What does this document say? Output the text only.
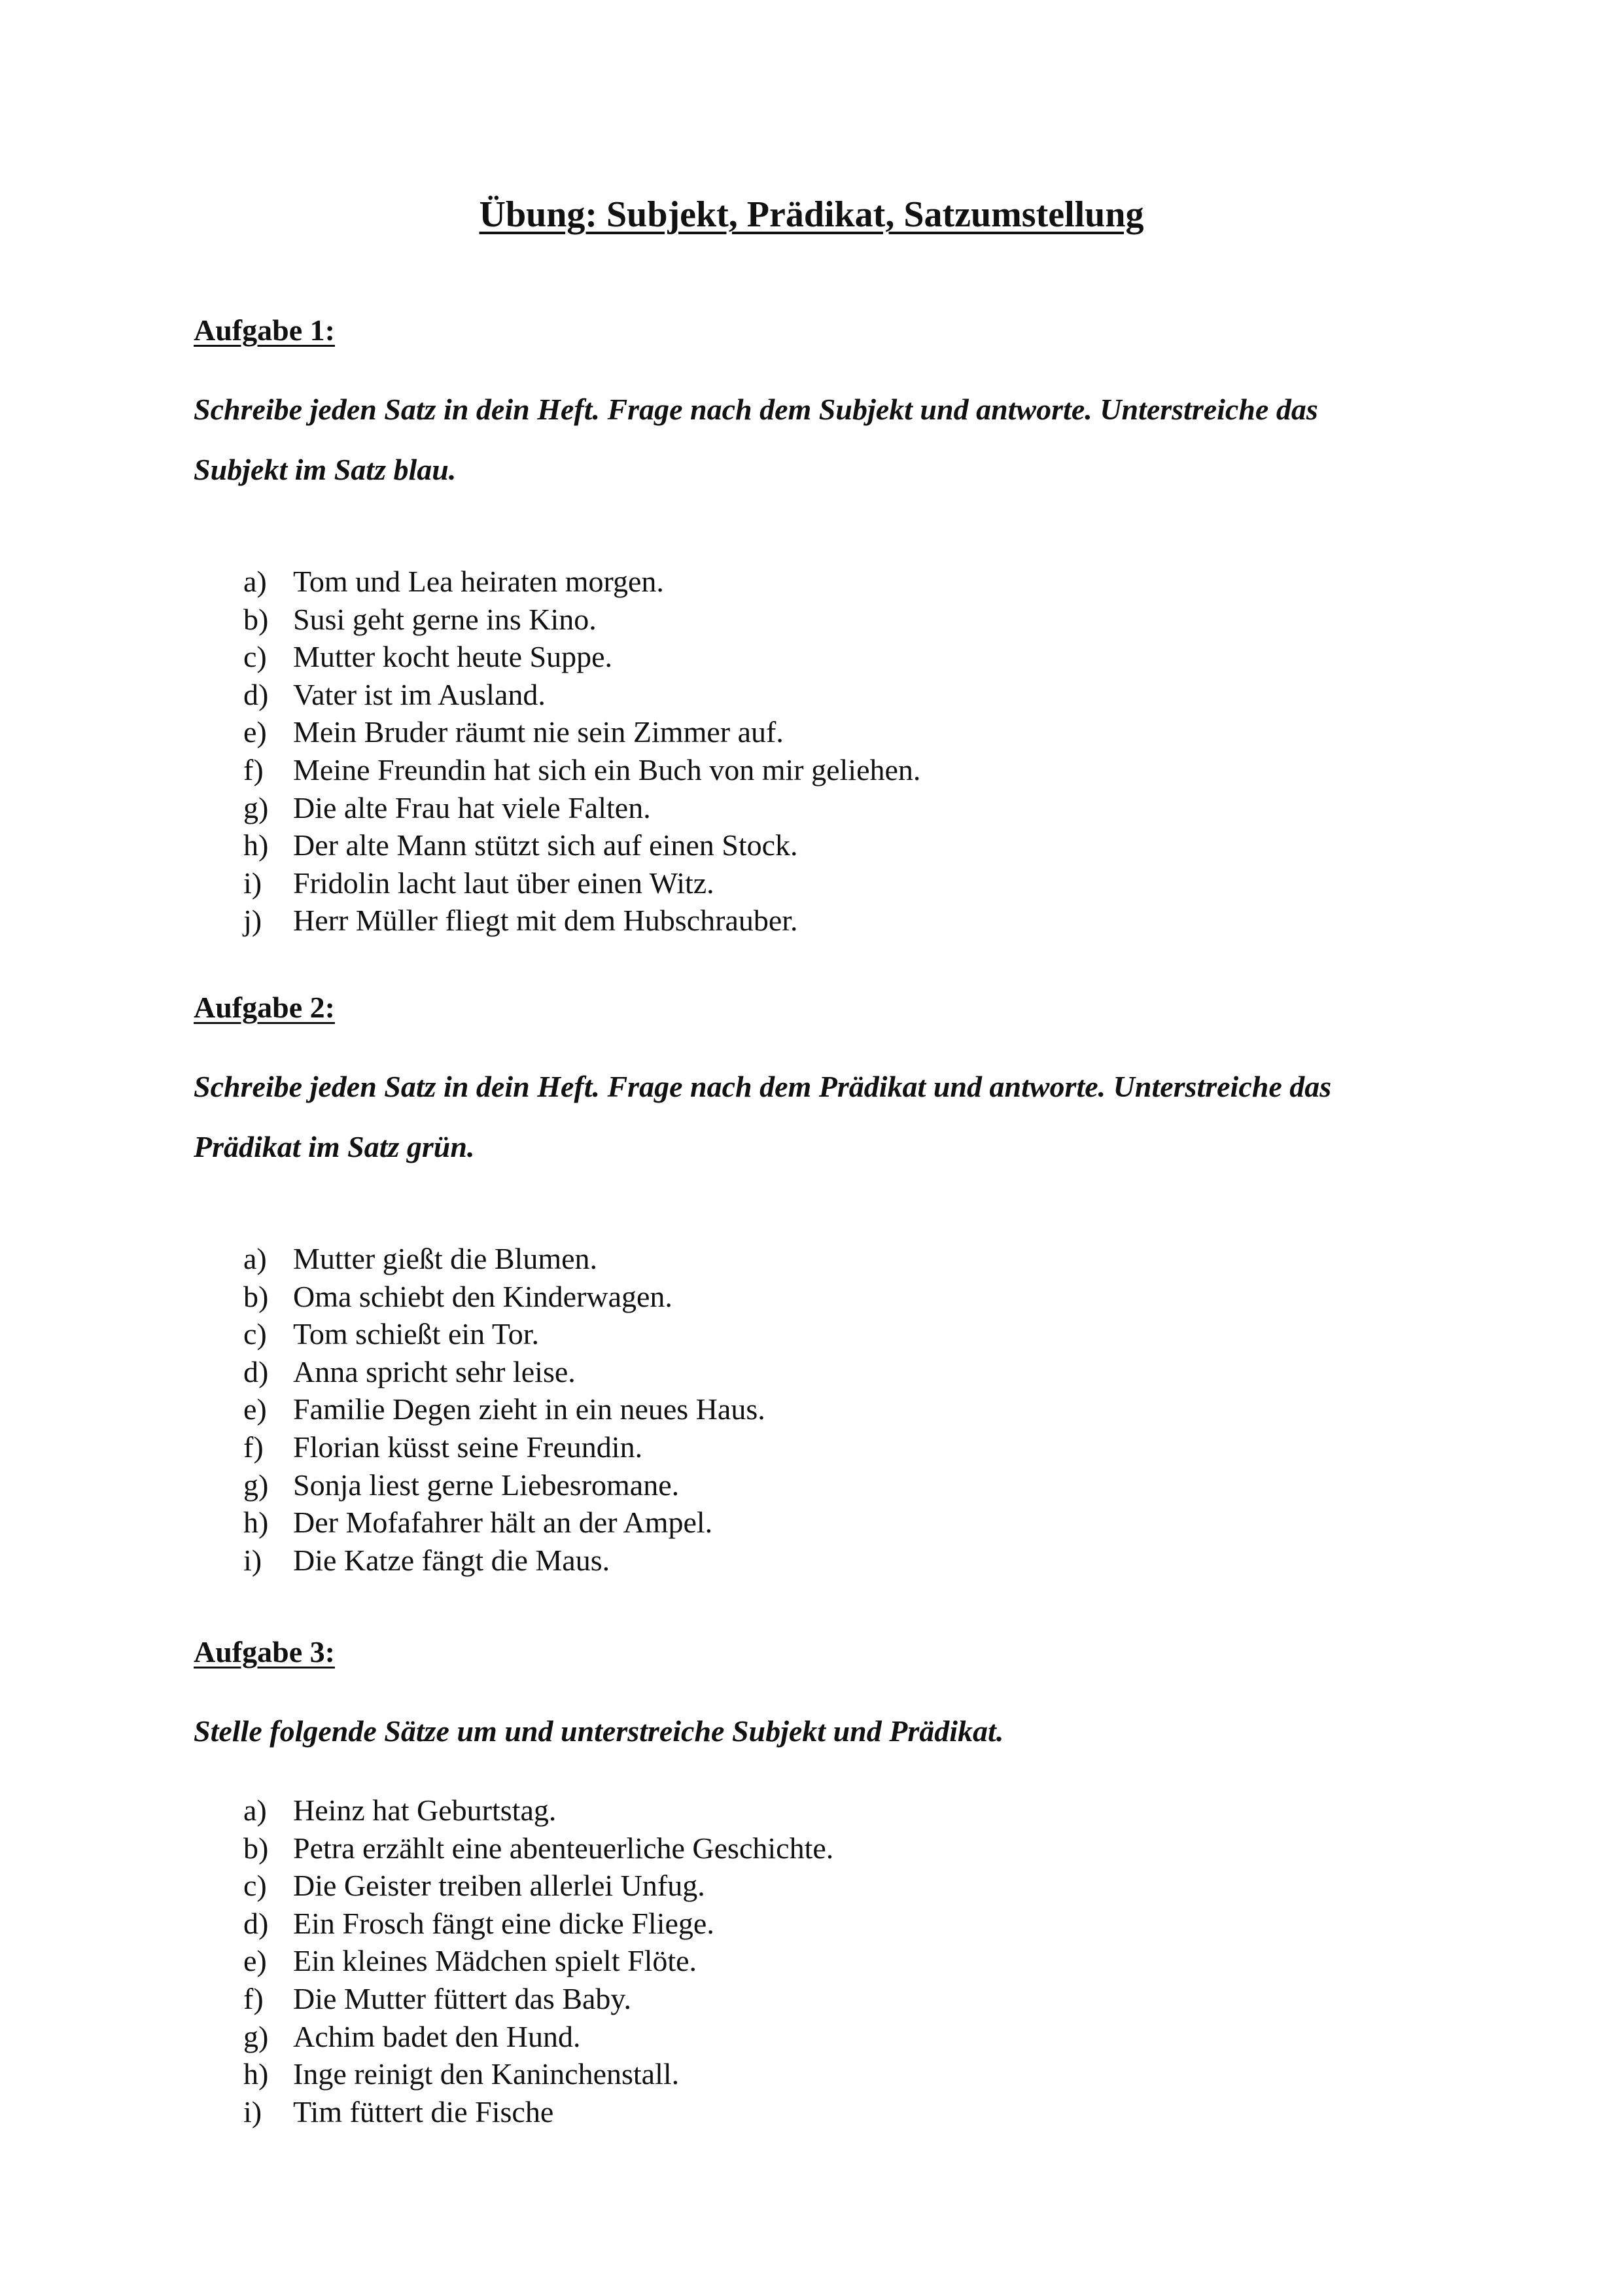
Übung: Subjekt, Prädikat, Satzumstellung
Aufgabe 1:

Schreibe jeden Satz in dein Heft. Frage nach dem Subjekt und antworte. Unterstreiche das
Subjekt im Satz blau.

a) Tom und Lea heiraten morgen.
b) Susi geht gerne ins Kino.
c) Mutter kocht heute Suppe.
d) Vater ist im Ausland.
e) Mein Bruder räumt nie sein Zimmer auf.
f) Meine Freundin hat sich ein Buch von mir geliehen.
g) Die alte Frau hat viele Falten.
h) Der alte Mann stützt sich auf einen Stock.
i) Fridolin lacht laut über einen Witz.
j) Herr Müller fliegt mit dem Hubschrauber.
Aufgabe 2:

Schreibe jeden Satz in dein Heft. Frage nach dem Prädikat und antworte. Unterstreiche das
Prädikat im Satz grün.

a) Mutter gießt die Blumen.
b) Oma schiebt den Kinderwagen.
c) Tom schießt ein Tor.
d) Anna spricht sehr leise.
e) Familie Degen zieht in ein neues Haus.
f) Florian küsst seine Freundin.
g) Sonja liest gerne Liebesromane.
h) Der Mofafahrer hält an der Ampel.
i) Die Katze fängt die Maus.
Aufgabe 3:

Stelle folgende Sätze um und unterstreiche Subjekt und Prädikat.

a) Heinz hat Geburtstag.
b) Petra erzählt eine abenteuerliche Geschichte.
c) Die Geister treiben allerlei Unfug.
d) Ein Frosch fängt eine dicke Fliege.
e) Ein kleines Mädchen spielt Flöte.
f) Die Mutter füttert das Baby.
g) Achim badet den Hund.
h) Inge reinigt den Kaninchenstall.
i) Tim füttert die Fische
